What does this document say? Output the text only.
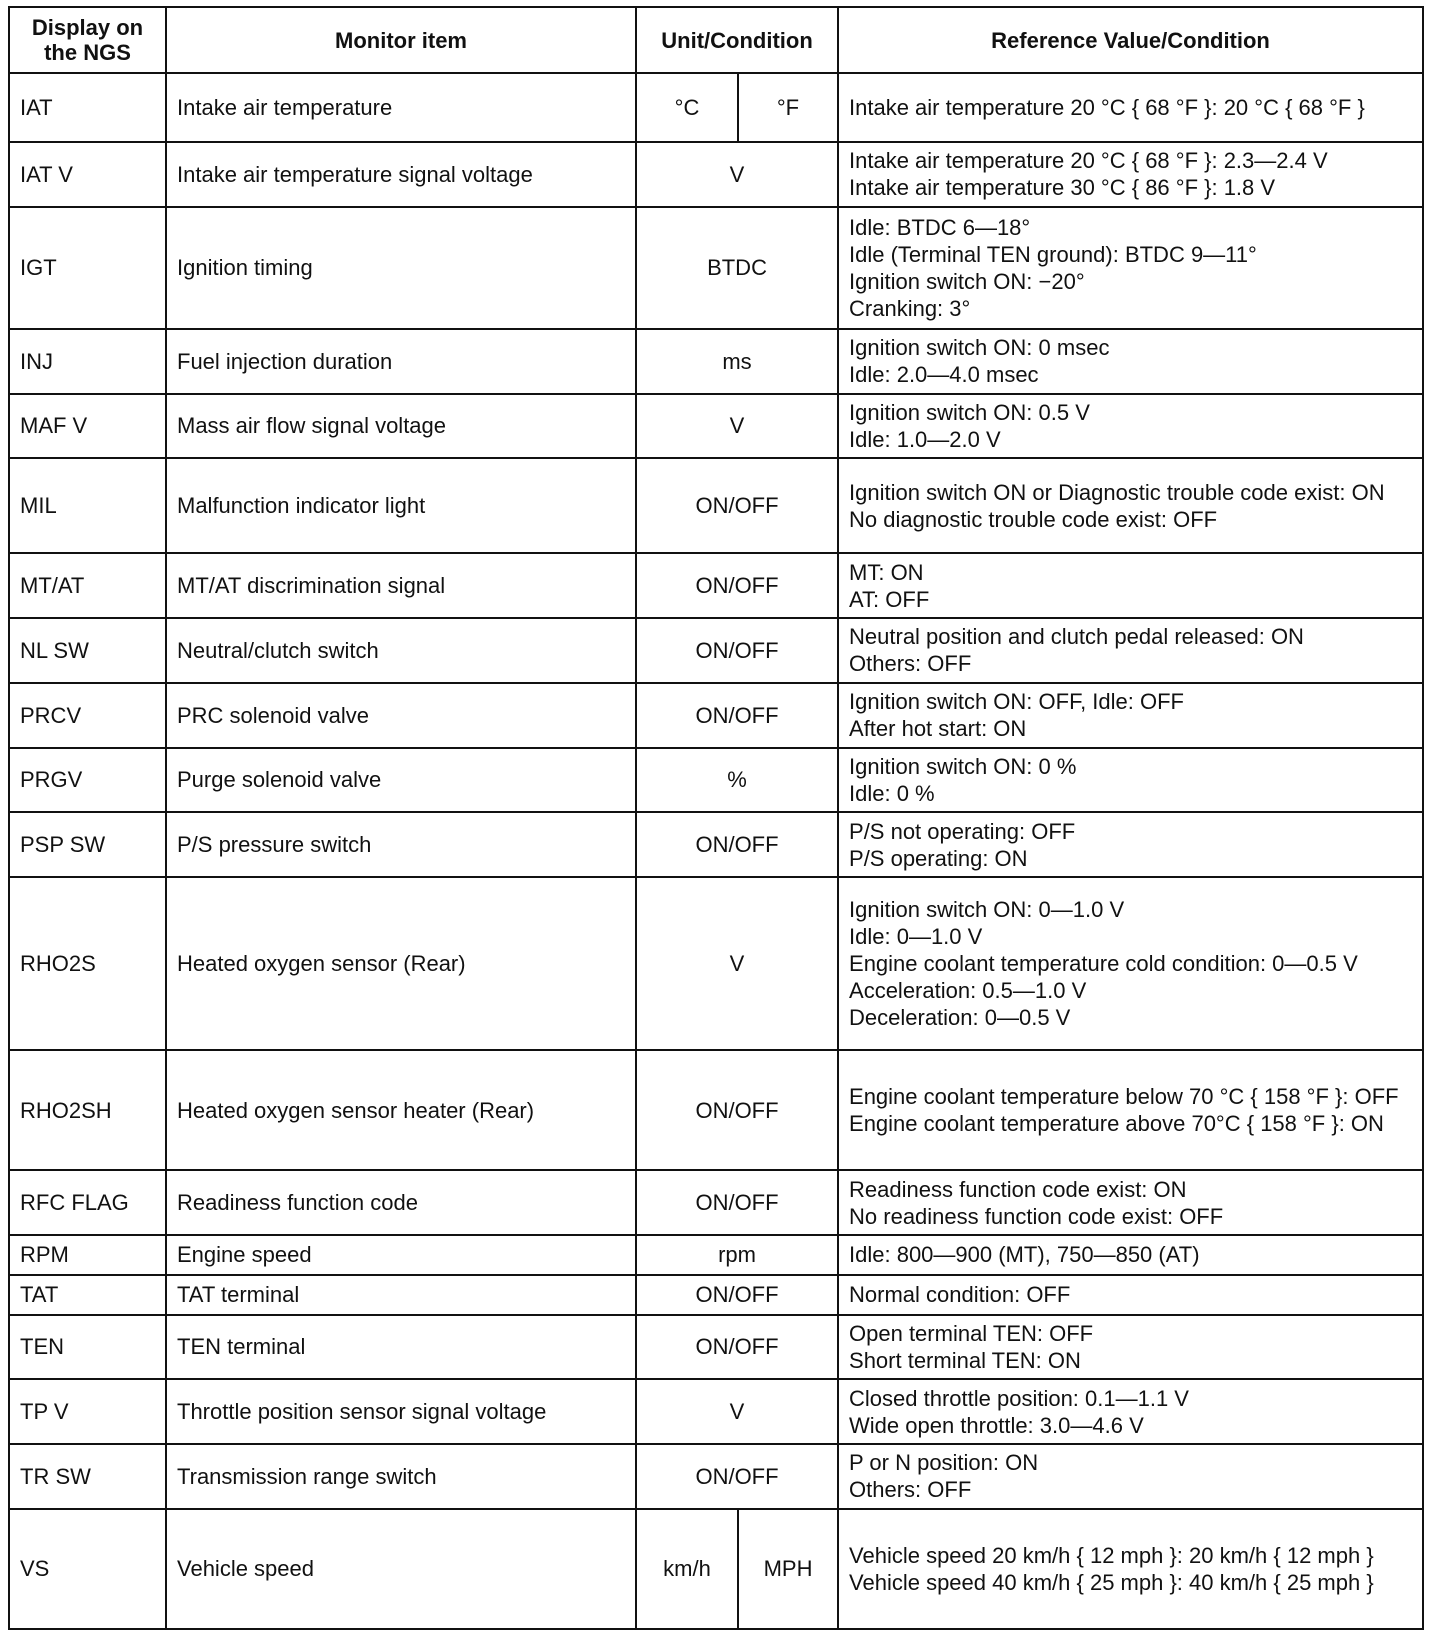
Display on the NGS	Monitor item	Unit/Condition		Reference Value/Condition
IAT	Intake air temperature	°C	°F	Intake air temperature 20 °C { 68 °F }: 20 °C { 68 °F }
IAT V	Intake air temperature signal voltage	V		Intake air temperature 20 °C { 68 °F }: 2.3—2.4 V
Intake air temperature 30 °C { 86 °F }: 1.8 V
IGT	Ignition timing	BTDC		Idle: BTDC 6—18°
Idle (Terminal TEN ground): BTDC 9—11°
Ignition switch ON: −20°
Cranking: 3°
INJ	Fuel injection duration	ms		Ignition switch ON: 0 msec
Idle: 2.0—4.0 msec
MAF V	Mass air flow signal voltage	V		Ignition switch ON: 0.5 V
Idle: 1.0—2.0 V
MIL	Malfunction indicator light	ON/OFF		Ignition switch ON or Diagnostic trouble code exist: ON
No diagnostic trouble code exist: OFF
MT/AT	MT/AT discrimination signal	ON/OFF		MT: ON
AT: OFF
NL SW	Neutral/clutch switch	ON/OFF		Neutral position and clutch pedal released: ON
Others: OFF
PRCV	PRC solenoid valve	ON/OFF		Ignition switch ON: OFF, Idle: OFF
After hot start: ON
PRGV	Purge solenoid valve	%		Ignition switch ON: 0 %
Idle: 0 %
PSP SW	P/S pressure switch	ON/OFF		P/S not operating: OFF
P/S operating: ON
RHO2S	Heated oxygen sensor (Rear)	V		Ignition switch ON: 0—1.0 V
Idle: 0—1.0 V
Engine coolant temperature cold condition: 0—0.5 V
Acceleration: 0.5—1.0 V
Deceleration: 0—0.5 V
RHO2SH	Heated oxygen sensor heater (Rear)	ON/OFF		Engine coolant temperature below 70 °C { 158 °F }: OFF
Engine coolant temperature above 70°C { 158 °F }: ON
RFC FLAG	Readiness function code	ON/OFF		Readiness function code exist: ON
No readiness function code exist: OFF
RPM	Engine speed	rpm		Idle: 800—900 (MT), 750—850 (AT)
TAT	TAT terminal	ON/OFF		Normal condition: OFF
TEN	TEN terminal	ON/OFF		Open terminal TEN: OFF
Short terminal TEN: ON
TP V	Throttle position sensor signal voltage	V		Closed throttle position: 0.1—1.1 V
Wide open throttle: 3.0—4.6 V
TR SW	Transmission range switch	ON/OFF		P or N position: ON
Others: OFF
VS	Vehicle speed	km/h	MPH	Vehicle speed 20 km/h { 12 mph }: 20 km/h { 12 mph }
Vehicle speed 40 km/h { 25 mph }: 40 km/h { 25 mph }
